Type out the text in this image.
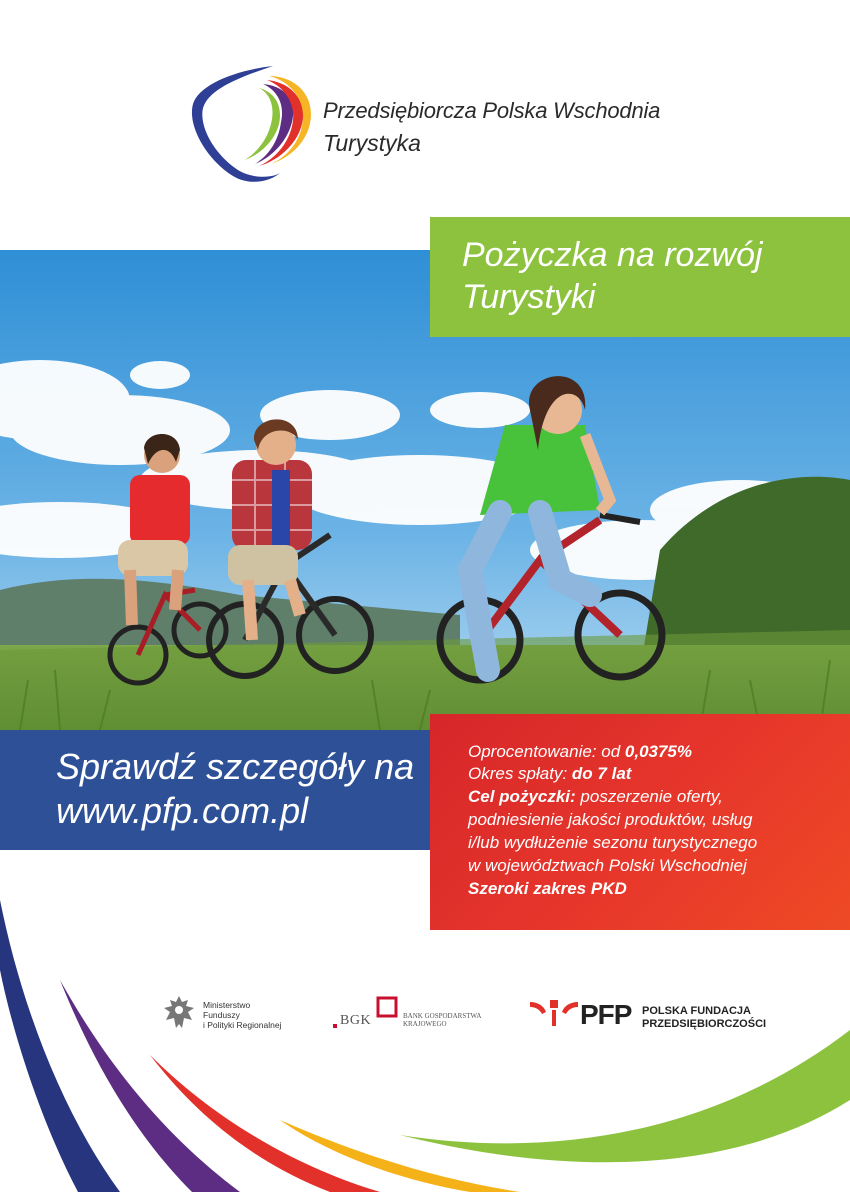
Przedsiębiorcza Polska Wschodnia
Turystyka
Pożyczka na rozwój
Turystyki
Sprawdź szczegóły na
www.pfp.com.pl
Oprocentowanie: od 0,0375%
Okres spłaty: do 7 lat
Cel pożyczki: poszerzenie oferty,
podniesienie jakości produktów, usług
i/lub wydłużenie sezonu turystycznego
w województwach Polski Wschodniej
Szeroki zakres PKD
Ministerstwo
Funduszy
i Polityki Regionalnej	BGK	BANK GOSPODARSTWA
KRAJOWEGO	PFP POLSKA FUNDACJA
PRZEDSIĘBIORCZOŚCI
